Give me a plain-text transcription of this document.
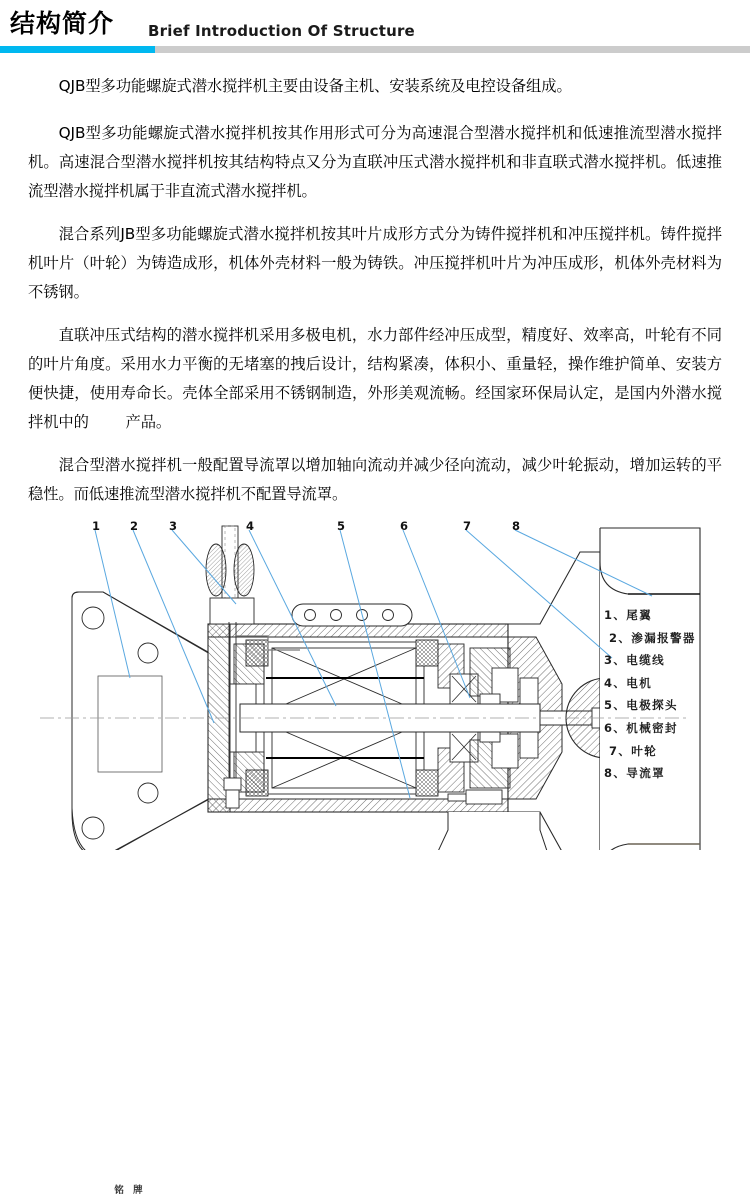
结构简介 Brief Introduction Of Structure

QJB型多功能螺旋式潜水搅拌机主要由设备主机、安装系统及电控设备组成。

QJB型多功能螺旋式潜水搅拌机按其作用形式可分为高速混合型潜水搅拌机和低速推流型潜水搅拌机。高速混合型潜水搅拌机按其结构特点又分为直联冲压式潜水搅拌机和非直联式潜水搅拌机。低速推流型潜水搅拌机属于非直流式潜水搅拌机。

混合系列JB型多功能螺旋式潜水搅拌机按其叶片成形方式分为铸件搅拌机和冲压搅拌机。铸件搅拌机叶片（叶轮）为铸造成形，机体外壳材料一般为铸铁。冲压搅拌机叶片为冲压成形，机体外壳材料为不锈钢。

直联冲压式结构的潜水搅拌机采用多极电机，水力部件经冲压成型，精度好、效率高，叶轮有不同的叶片角度。采用水力平衡的无堵塞的拽后设计，结构紧凑，体积小、重量轻，操作维护简单、安装方便快捷，使用寿命长。壳体全部采用不锈钢制造，外形美观流畅。经国家环保局认定，是国内外潜水搅拌机中的 产品。

混合型潜水搅拌机一般配置导流罩以增加轴向流动并减少径向流动，减少叶轮振动，增加运转的平稳性。而低速推流型潜水搅拌机不配置导流罩。

铭 牌
1	2	3	4	5	6	7	8
1、尾翼
2、渗漏报警器
3、电缆线
4、电机
5、电极探头
6、机械密封
7、叶轮
8、导流罩
